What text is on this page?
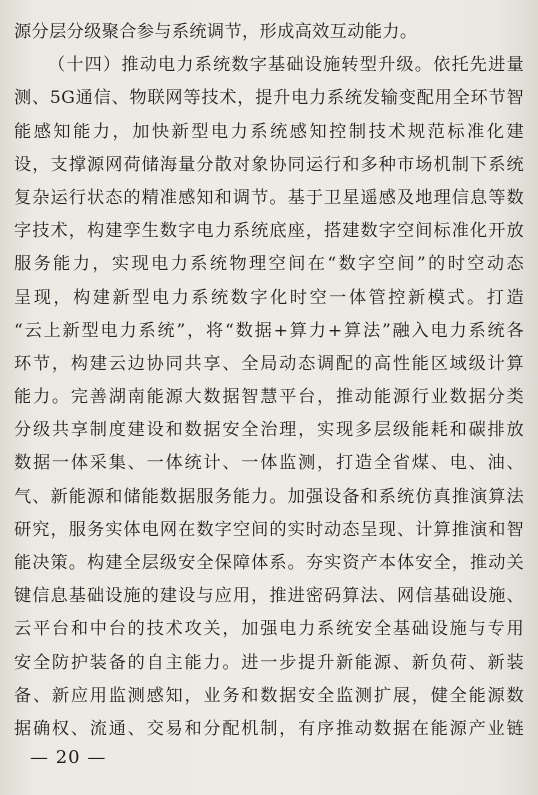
源分层分级聚合参与系统调节，形成高效互动能力。
（十四）推动电力系统数字基础设施转型升级。依托先进量
测、5G通信、物联网等技术，提升电力系统发输变配用全环节智
能感知能力，加快新型电力系统感知控制技术规范标准化建
设，支撑源网荷储海量分散对象协同运行和多种市场机制下系统
复杂运行状态的精准感知和调节。基于卫星遥感及地理信息等数
字技术，构建孪生数字电力系统底座，搭建数字空间标准化开放
服务能力，实现电力系统物理空间在“数字空间”的时空动态
呈现，构建新型电力系统数字化时空一体管控新模式。打造
“云上新型电力系统”，将“数据+算力+算法”融入电力系统各
环节，构建云边协同共享、全局动态调配的高性能区域级计算
能力。完善湖南能源大数据智慧平台，推动能源行业数据分类
分级共享制度建设和数据安全治理，实现多层级能耗和碳排放
数据一体采集、一体统计、一体监测，打造全省煤、电、油、
气、新能源和储能数据服务能力。加强设备和系统仿真推演算法
研究，服务实体电网在数字空间的实时动态呈现、计算推演和智
能决策。构建全层级安全保障体系。夯实资产本体安全，推动关
键信息基础设施的建设与应用，推进密码算法、网信基础设施、
云平台和中台的技术攻关，加强电力系统安全基础设施与专用
安全防护装备的自主能力。进一步提升新能源、新负荷、新装
备、新应用监测感知，业务和数据安全监测扩展，健全能源数
据确权、流通、交易和分配机制，有序推动数据在能源产业链
— 20 —
